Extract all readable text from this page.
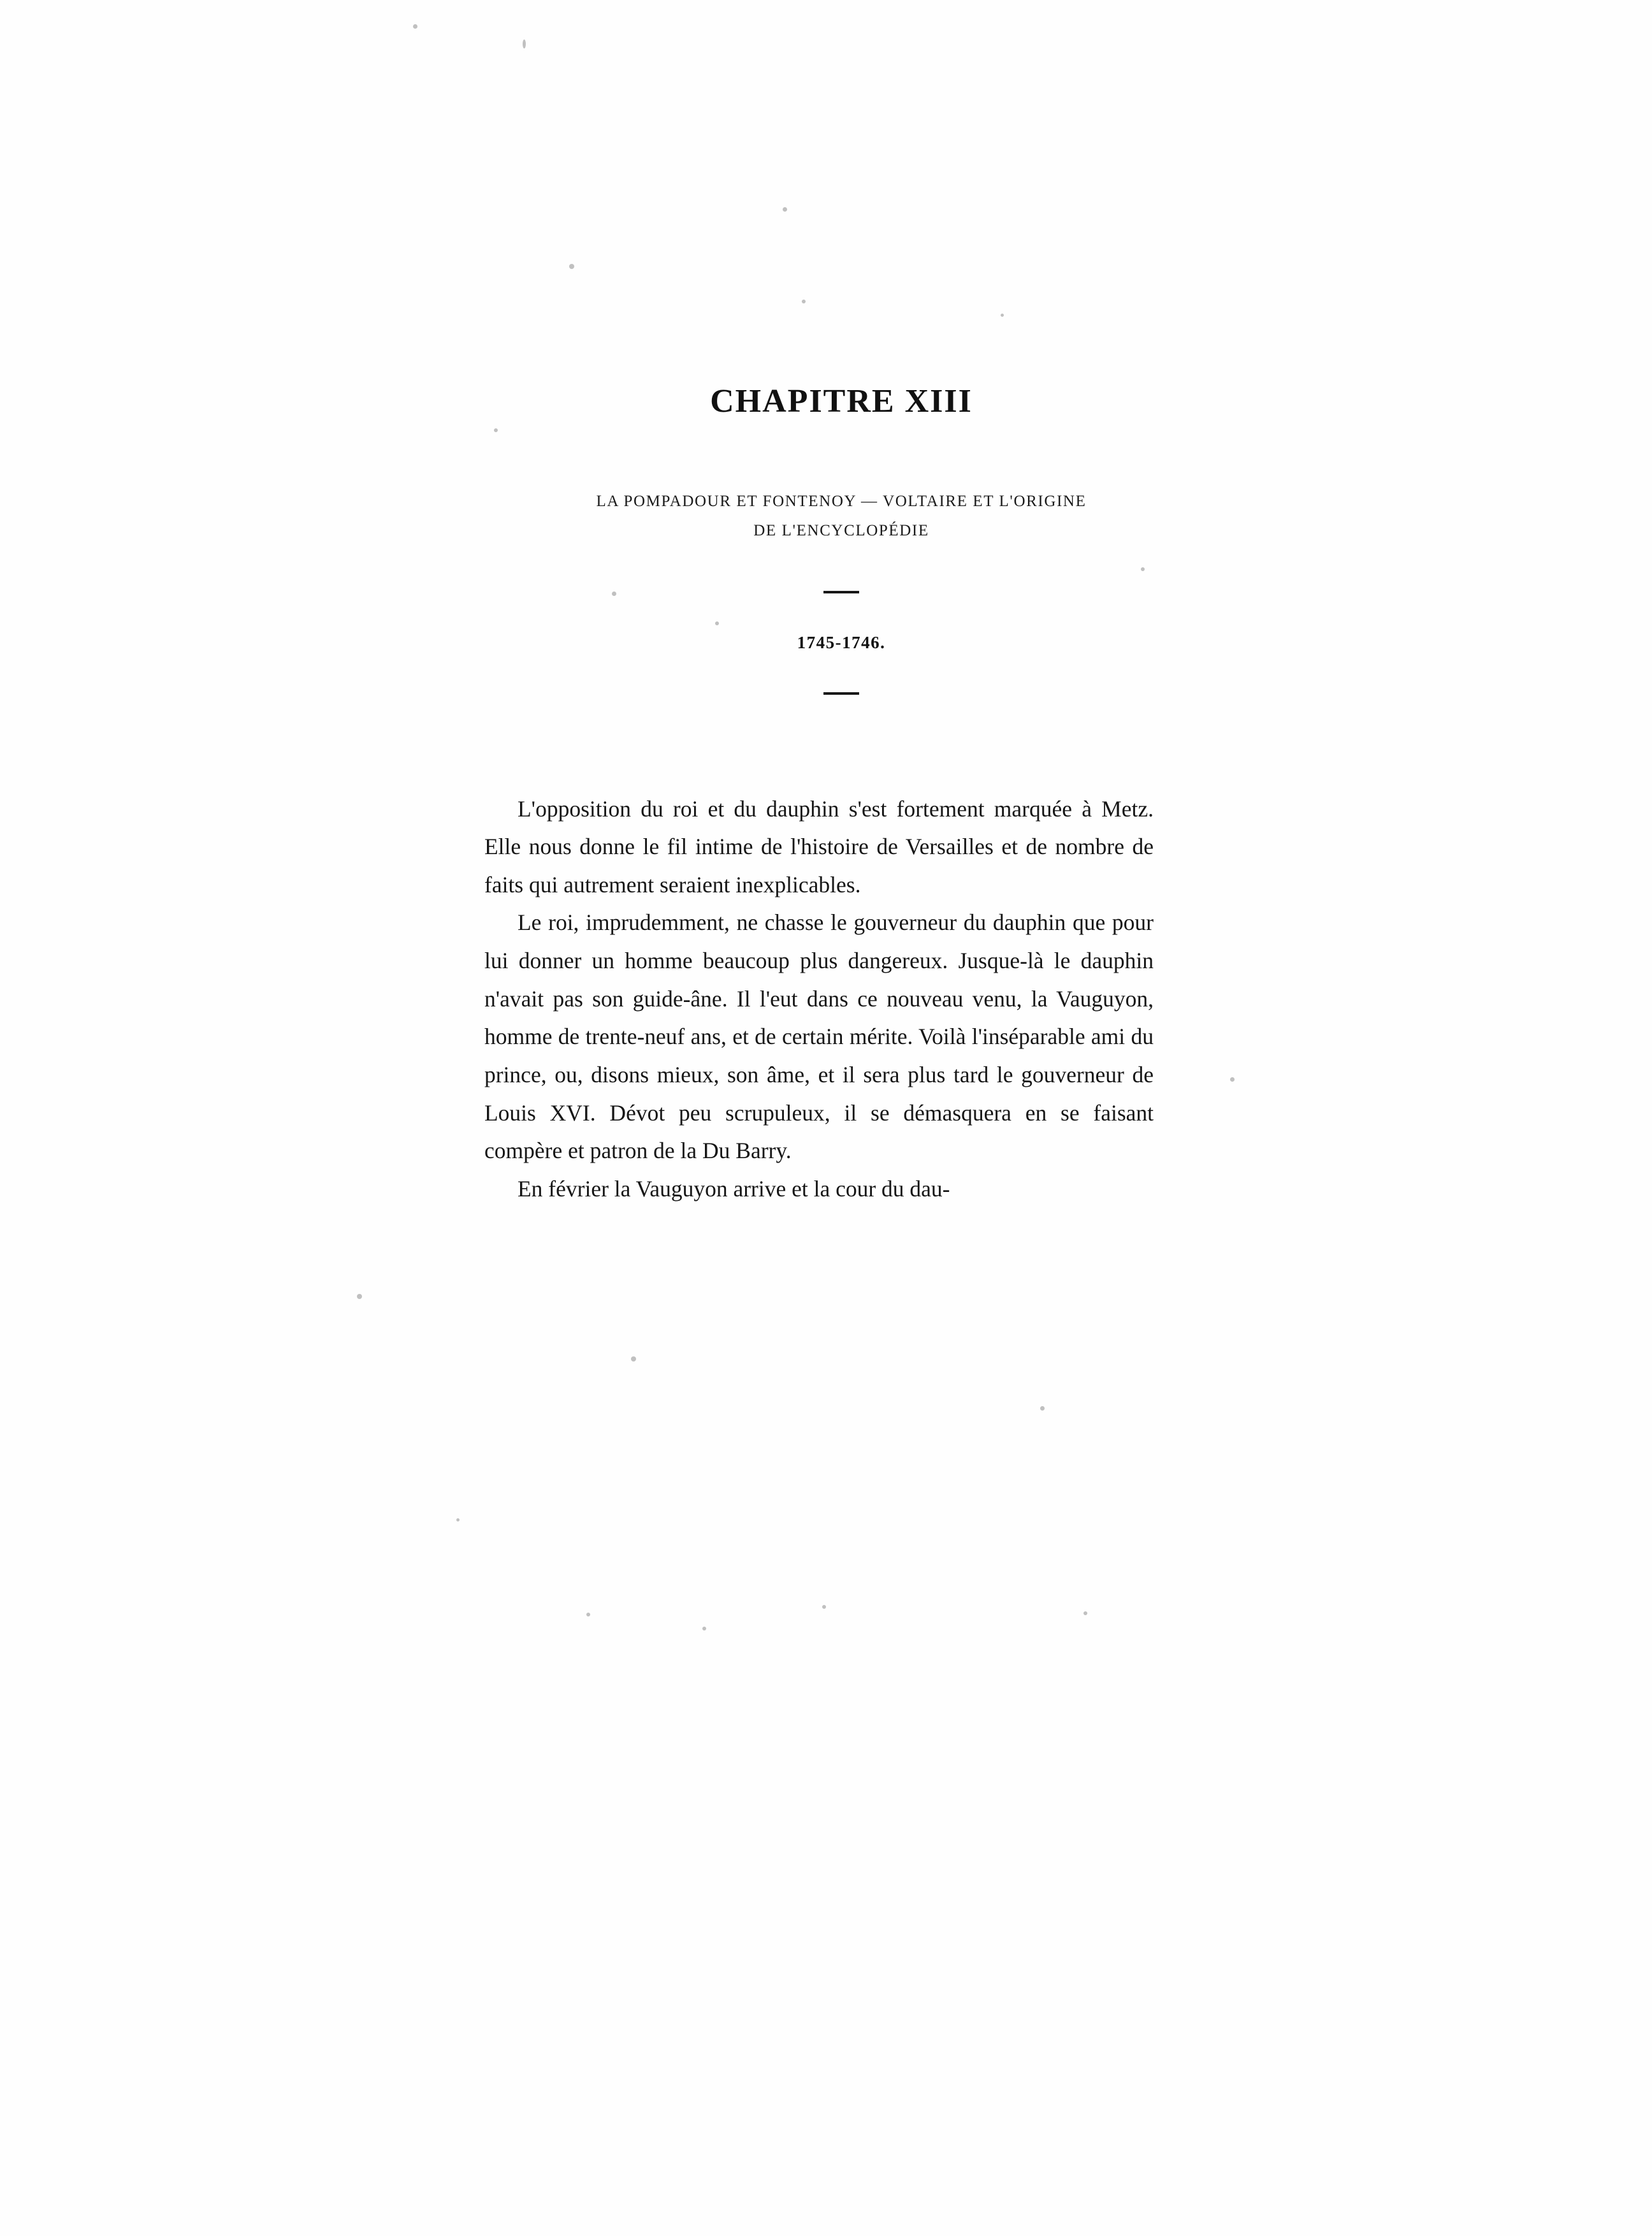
CHAPITRE XIII
LA POMPADOUR ET FONTENOY — VOLTAIRE ET L'ORIGINE
DE L'ENCYCLOPÉDIE
1745-1746.

L'opposition du roi et du dauphin s'est fortement marquée à Metz. Elle nous donne le fil intime de l'histoire de Versailles et de nombre de faits qui autrement seraient inexplicables.

Le roi, imprudemment, ne chasse le gouverneur du dauphin que pour lui donner un homme beaucoup plus dangereux. Jusque-là le dauphin n'avait pas son guide-âne. Il l'eut dans ce nouveau venu, la Vauguyon, homme de trente-neuf ans, et de certain mérite. Voilà l'inséparable ami du prince, ou, disons mieux, son âme, et il sera plus tard le gouverneur de Louis XVI. Dévot peu scrupuleux, il se démasquera en se faisant compère et patron de la Du Barry.

En février la Vauguyon arrive et la cour du dau-
